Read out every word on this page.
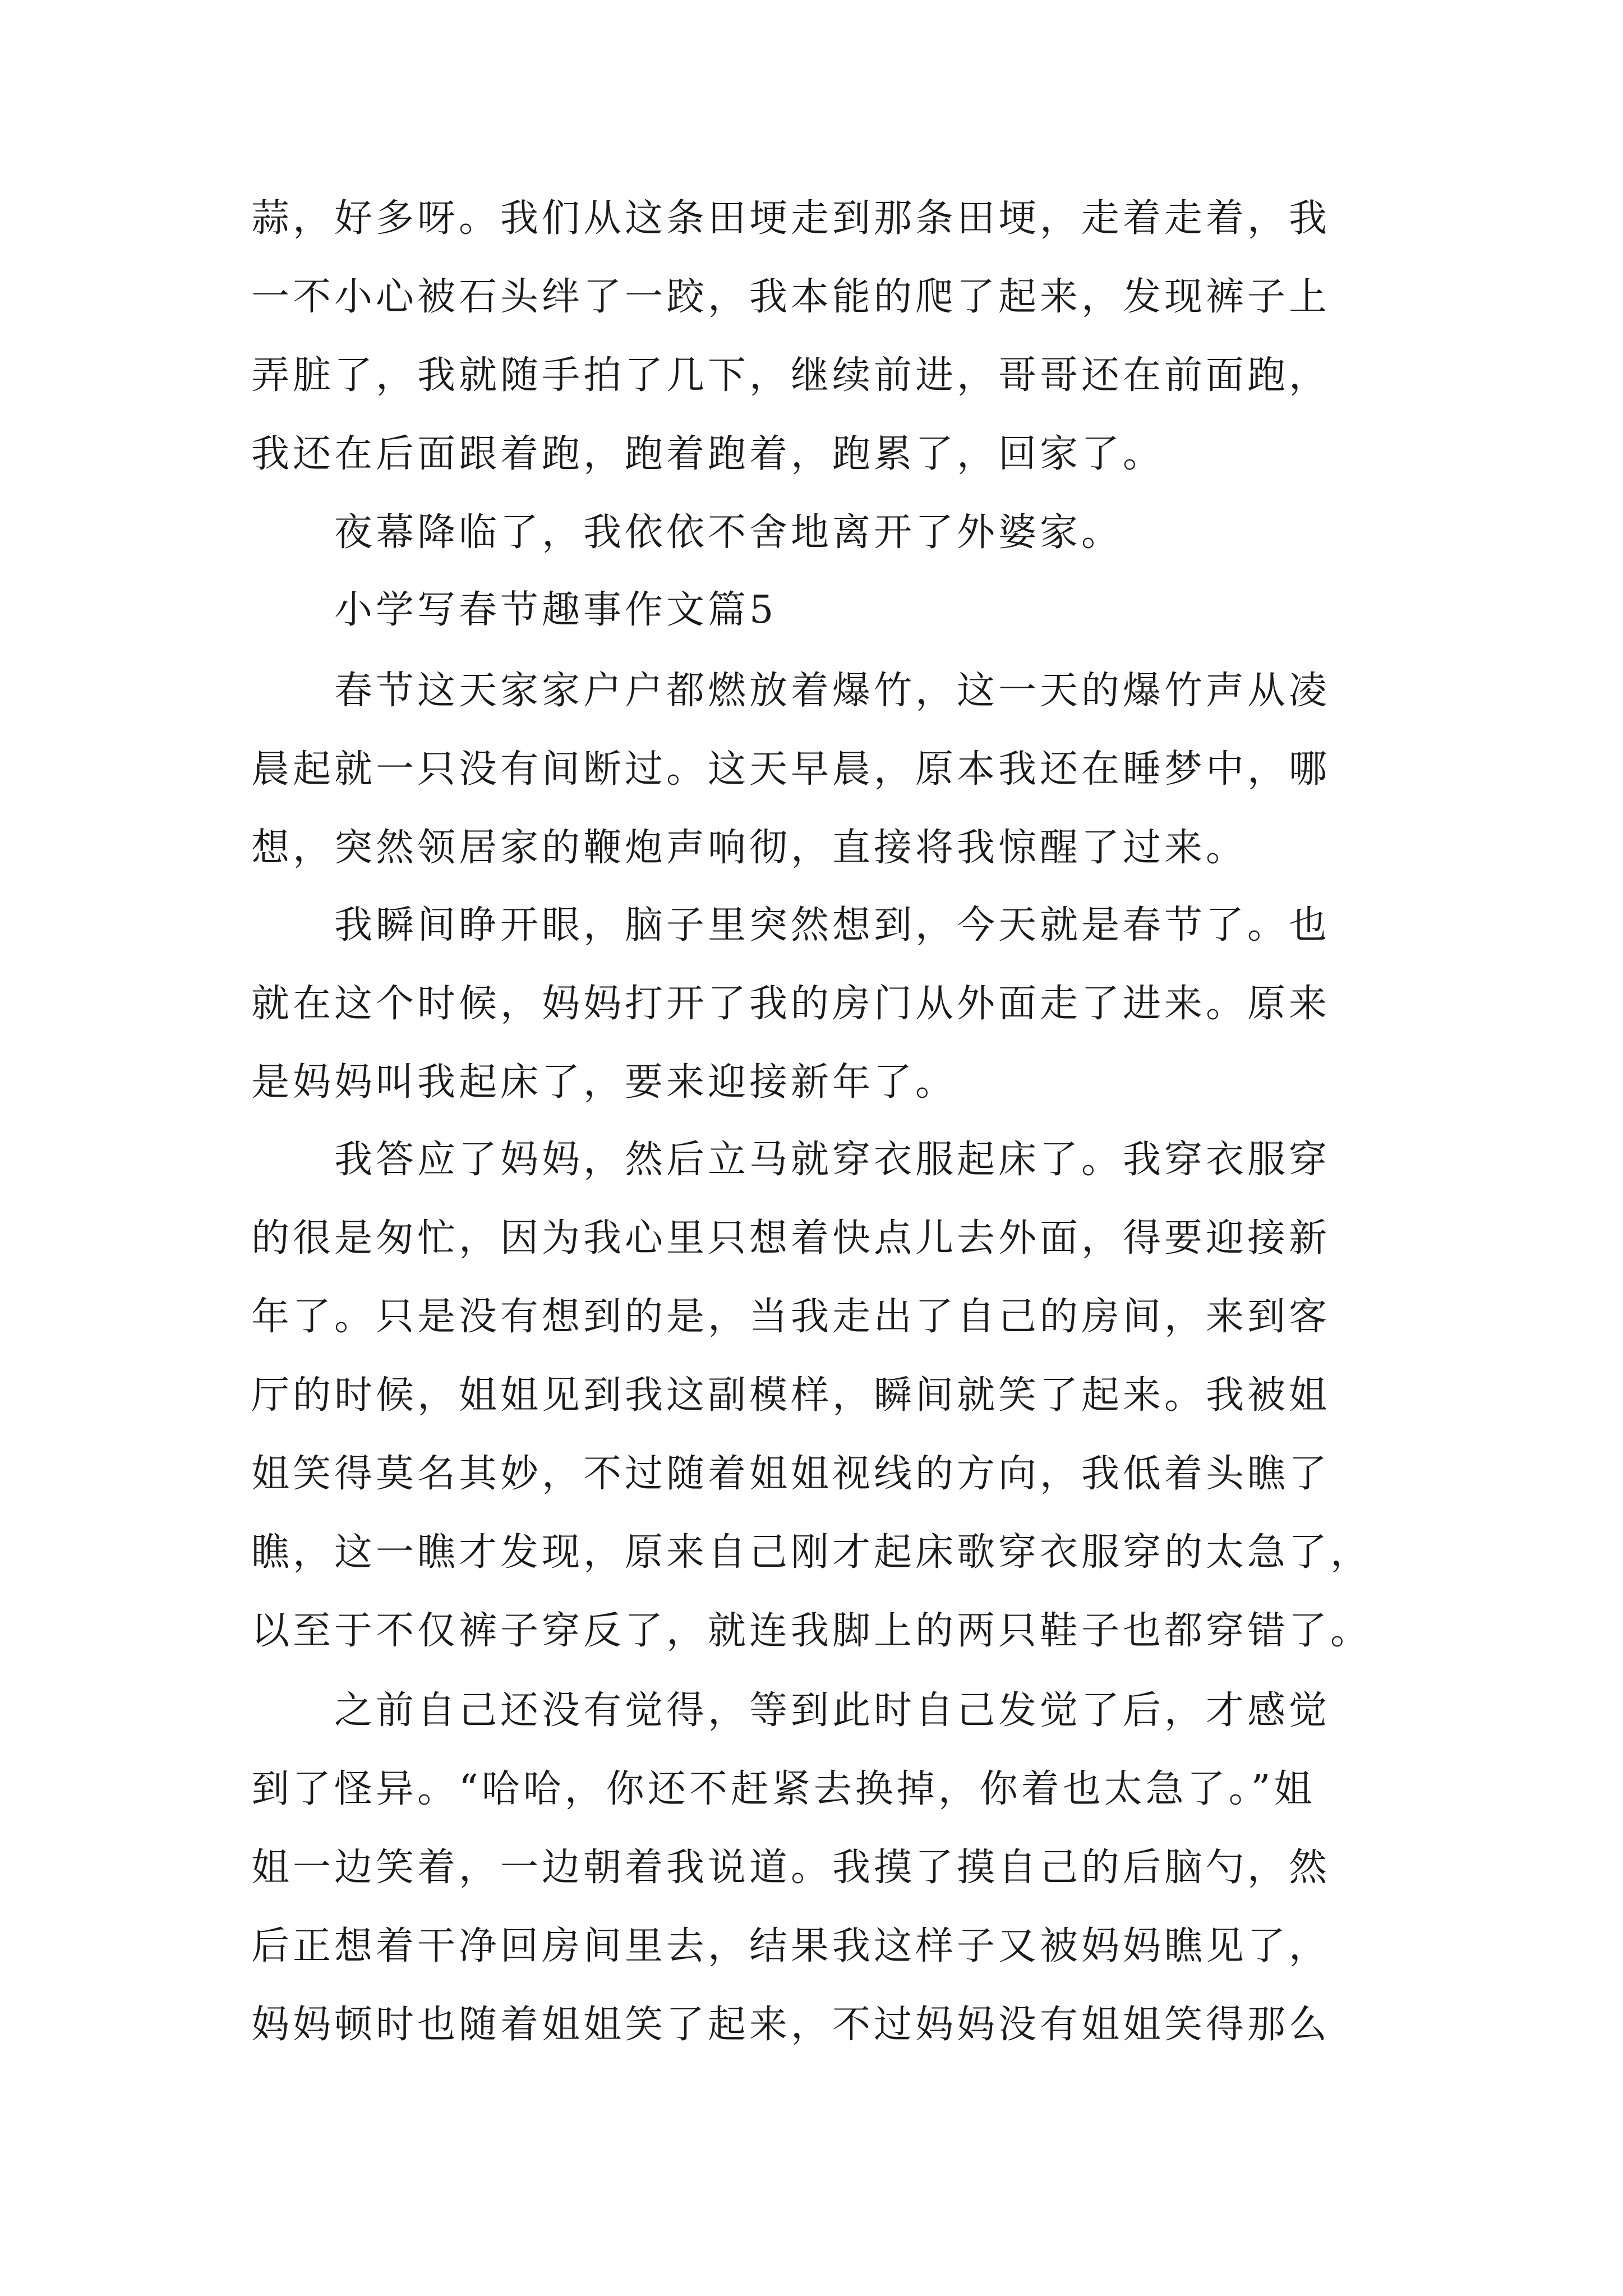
蒜，好多呀。我们从这条田埂走到那条田埂，走着走着，我
一不小心被石头绊了一跤，我本能的爬了起来，发现裤子上
弄脏了，我就随手拍了几下，继续前进，哥哥还在前面跑，
我还在后面跟着跑，跑着跑着，跑累了，回家了。
夜幕降临了，我依依不舍地离开了外婆家。
小学写春节趣事作文篇5
春节这天家家户户都燃放着爆竹，这一天的爆竹声从凌
晨起就一只没有间断过。这天早晨，原本我还在睡梦中，哪
想，突然领居家的鞭炮声响彻，直接将我惊醒了过来。
我瞬间睁开眼，脑子里突然想到，今天就是春节了。也
就在这个时候，妈妈打开了我的房门从外面走了进来。原来
是妈妈叫我起床了，要来迎接新年了。
我答应了妈妈，然后立马就穿衣服起床了。我穿衣服穿
的很是匆忙，因为我心里只想着快点儿去外面，得要迎接新
年了。只是没有想到的是，当我走出了自己的房间，来到客
厅的时候，姐姐见到我这副模样，瞬间就笑了起来。我被姐
姐笑得莫名其妙，不过随着姐姐视线的方向，我低着头瞧了
瞧，这一瞧才发现，原来自己刚才起床歌穿衣服穿的太急了，
以至于不仅裤子穿反了，就连我脚上的两只鞋子也都穿错了。
之前自己还没有觉得，等到此时自己发觉了后，才感觉
到了怪异。“哈哈，你还不赶紧去换掉，你着也太急了。”姐
姐一边笑着，一边朝着我说道。我摸了摸自己的后脑勺，然
后正想着干净回房间里去，结果我这样子又被妈妈瞧见了，
妈妈顿时也随着姐姐笑了起来，不过妈妈没有姐姐笑得那么
